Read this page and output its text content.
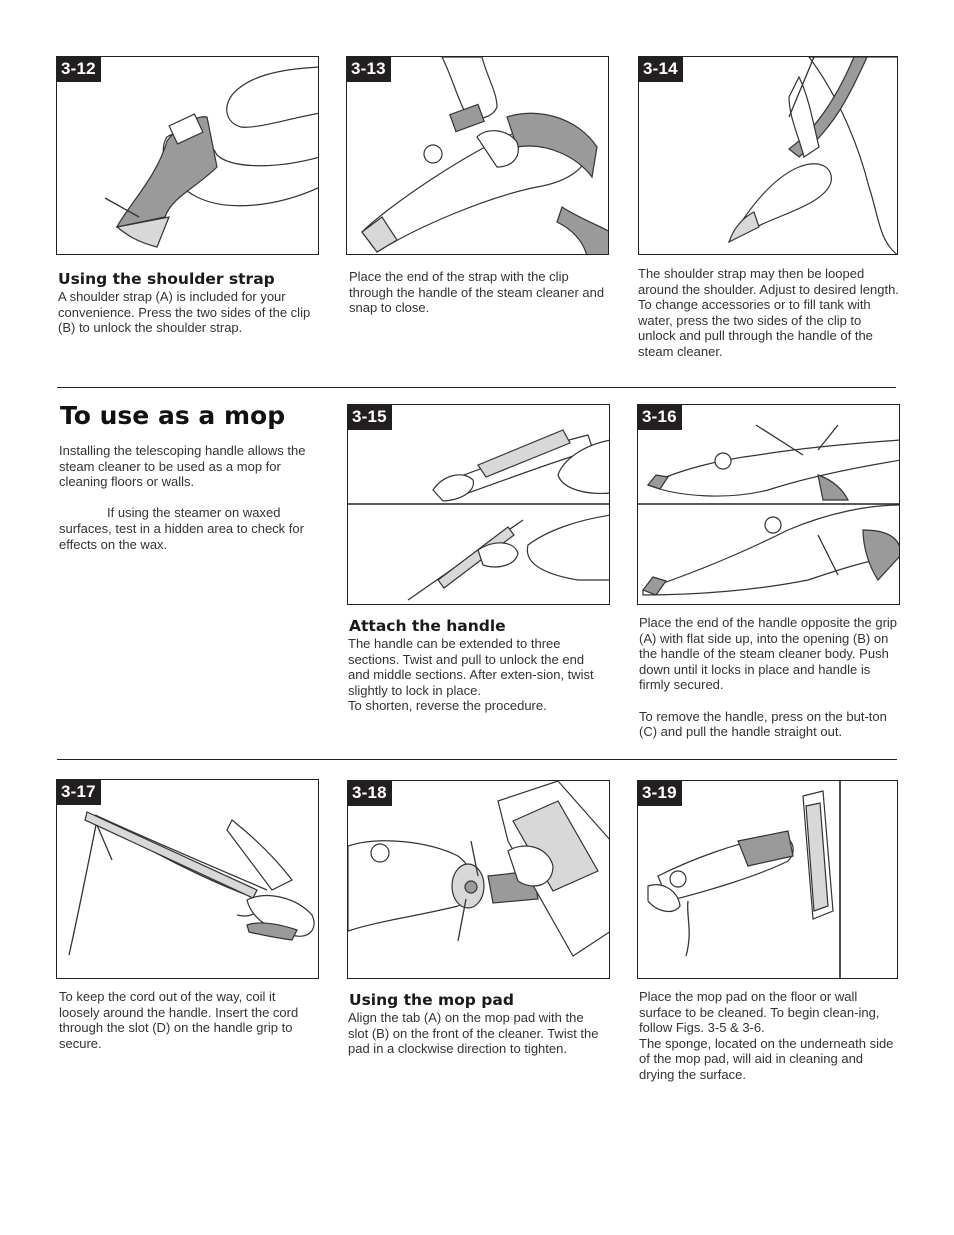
3-12	3-13	3-14
Using the shoulder strap

A shoulder strap (A) is included for your convenience. Press the two sides of the clip (B) to unlock the shoulder strap.

Place the end of the strap with the clip through the handle of the steam cleaner and snap to close.

The shoulder strap may then be looped around the shoulder. Adjust to desired length.

To change accessories or to fill tank with water, press the two sides of the clip to unlock and pull through the handle of the steam cleaner.

To use as a mop

Installing the telescoping handle allows the steam cleaner to be used as a mop for cleaning floors or walls.

If using the steamer on waxed surfaces, test in a hidden area to check for effects on the wax.

3-15	3-16
Attach the handle

The handle can be extended to three sections. Twist and pull to unlock the end and middle sections. After exten-sion, twist slightly to lock in place.

To shorten, reverse the procedure.

Place the end of the handle opposite the grip (A) with flat side up, into the opening (B) on the handle of the steam cleaner body. Push down until it locks in place and handle is firmly secured.

To remove the handle, press on the but-ton (C) and pull the handle straight out.

3-17	3-18	3-19

To keep the cord out of the way, coil it loosely around the handle. Insert the cord through the slot (D) on the handle grip to secure.

Using the mop pad

Align the tab (A) on the mop pad with the slot (B) on the front of the cleaner. Twist the pad in a clockwise direction to tighten.

Place the mop pad on the floor or wall surface to be cleaned. To begin clean-ing, follow Figs. 3-5 & 3-6.

The sponge, located on the underneath side of the mop pad, will aid in cleaning and drying the surface.
